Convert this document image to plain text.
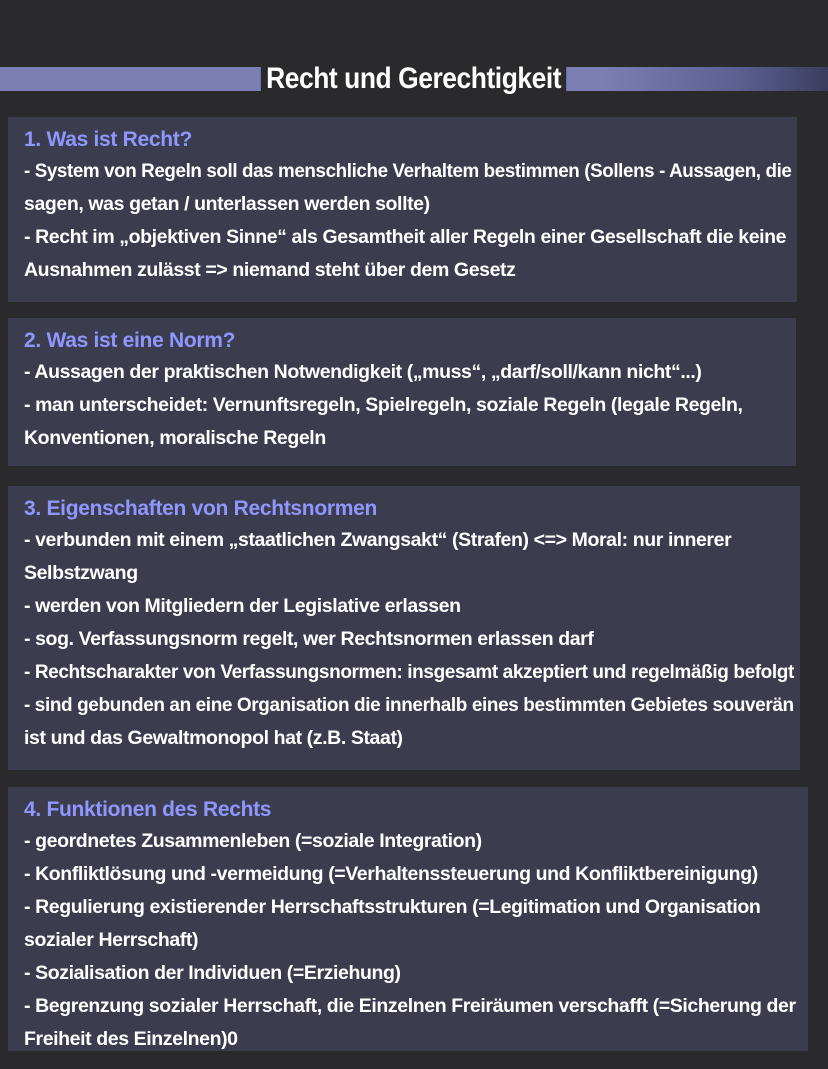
Recht und Gerechtigkeit
1. Was ist Recht?
- System von Regeln soll das menschliche Verhaltem bestimmen (Sollens - Aussagen, die
sagen, was getan / unterlassen werden sollte)
- Recht im „objektiven Sinne“ als Gesamtheit aller Regeln einer Gesellschaft die keine
Ausnahmen zulässt => niemand steht über dem Gesetz
2. Was ist eine Norm?
- Aussagen der praktischen Notwendigkeit („muss“, „darf/soll/kann nicht“...)
- man unterscheidet: Vernunftsregeln, Spielregeln, soziale Regeln (legale Regeln,
Konventionen, moralische Regeln
3. Eigenschaften von Rechtsnormen
- verbunden mit einem „staatlichen Zwangsakt“ (Strafen) <=> Moral: nur innerer
Selbstzwang
- werden von Mitgliedern der Legislative erlassen
- sog. Verfassungsnorm regelt, wer Rechtsnormen erlassen darf
- Rechtscharakter von Verfassungsnormen: insgesamt akzeptiert und regelmäßig befolgt
- sind gebunden an eine Organisation die innerhalb eines bestimmten Gebietes souverän
ist und das Gewaltmonopol hat (z.B. Staat)
4. Funktionen des Rechts
- geordnetes Zusammenleben (=soziale Integration)
- Konfliktlösung und -vermeidung (=Verhaltenssteuerung und Konfliktbereinigung)
- Regulierung existierender Herrschaftsstrukturen (=Legitimation und Organisation
sozialer Herrschaft)
- Sozialisation der Individuen (=Erziehung)
- Begrenzung sozialer Herrschaft, die Einzelnen Freiräumen verschafft (=Sicherung der
Freiheit des Einzelnen)0
